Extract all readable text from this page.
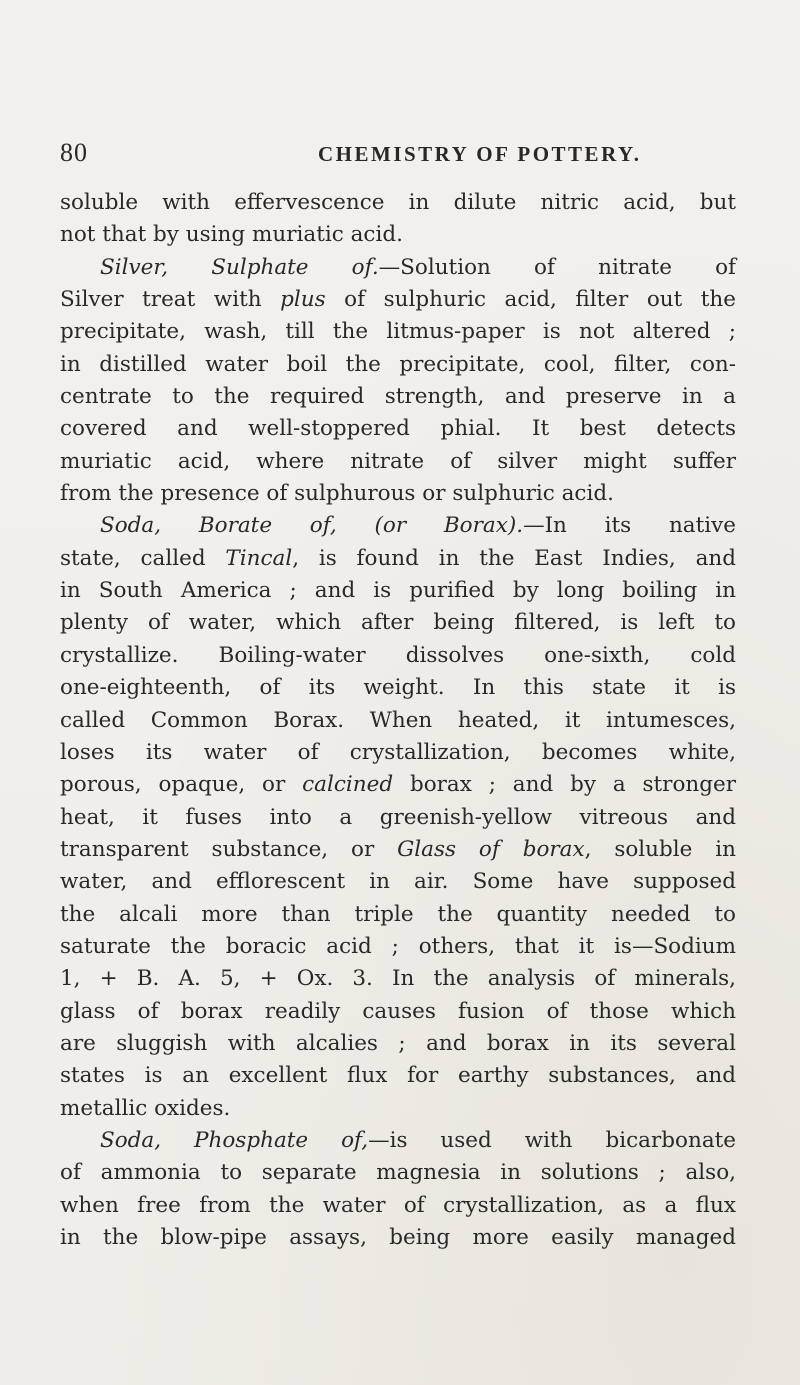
80	CHEMISTRY OF POTTERY.
soluble with effervescence in dilute nitric acid, but
not that by using muriatic acid.
Silver, Sulphate of.—Solution of nitrate of
Silver treat with plus of sulphuric acid, filter out the
precipitate, wash, till the litmus-paper is not altered ;
in distilled water boil the precipitate, cool, filter, con-
centrate to the required strength, and preserve in a
covered and well-stoppered phial. It best detects
muriatic acid, where nitrate of silver might suffer
from the presence of sulphurous or sulphuric acid.
Soda, Borate of, (or Borax).—In its native
state, called Tincal, is found in the East Indies, and
in South America ; and is purified by long boiling in
plenty of water, which after being filtered, is left to
crystallize. Boiling-water dissolves one-sixth, cold
one-eighteenth, of its weight. In this state it is
called Common Borax. When heated, it intumesces,
loses its water of crystallization, becomes white,
porous, opaque, or calcined borax ; and by a stronger
heat, it fuses into a greenish-yellow vitreous and
transparent substance, or Glass of borax, soluble in
water, and efflorescent in air. Some have supposed
the alcali more than triple the quantity needed to
saturate the boracic acid ; others, that it is—Sodium
1, + B. A. 5, + Ox. 3. In the analysis of minerals,
glass of borax readily causes fusion of those which
are sluggish with alcalies ; and borax in its several
states is an excellent flux for earthy substances, and
metallic oxides.
Soda, Phosphate of,—is used with bicarbonate
of ammonia to separate magnesia in solutions ; also,
when free from the water of crystallization, as a flux
in the blow-pipe assays, being more easily managed
